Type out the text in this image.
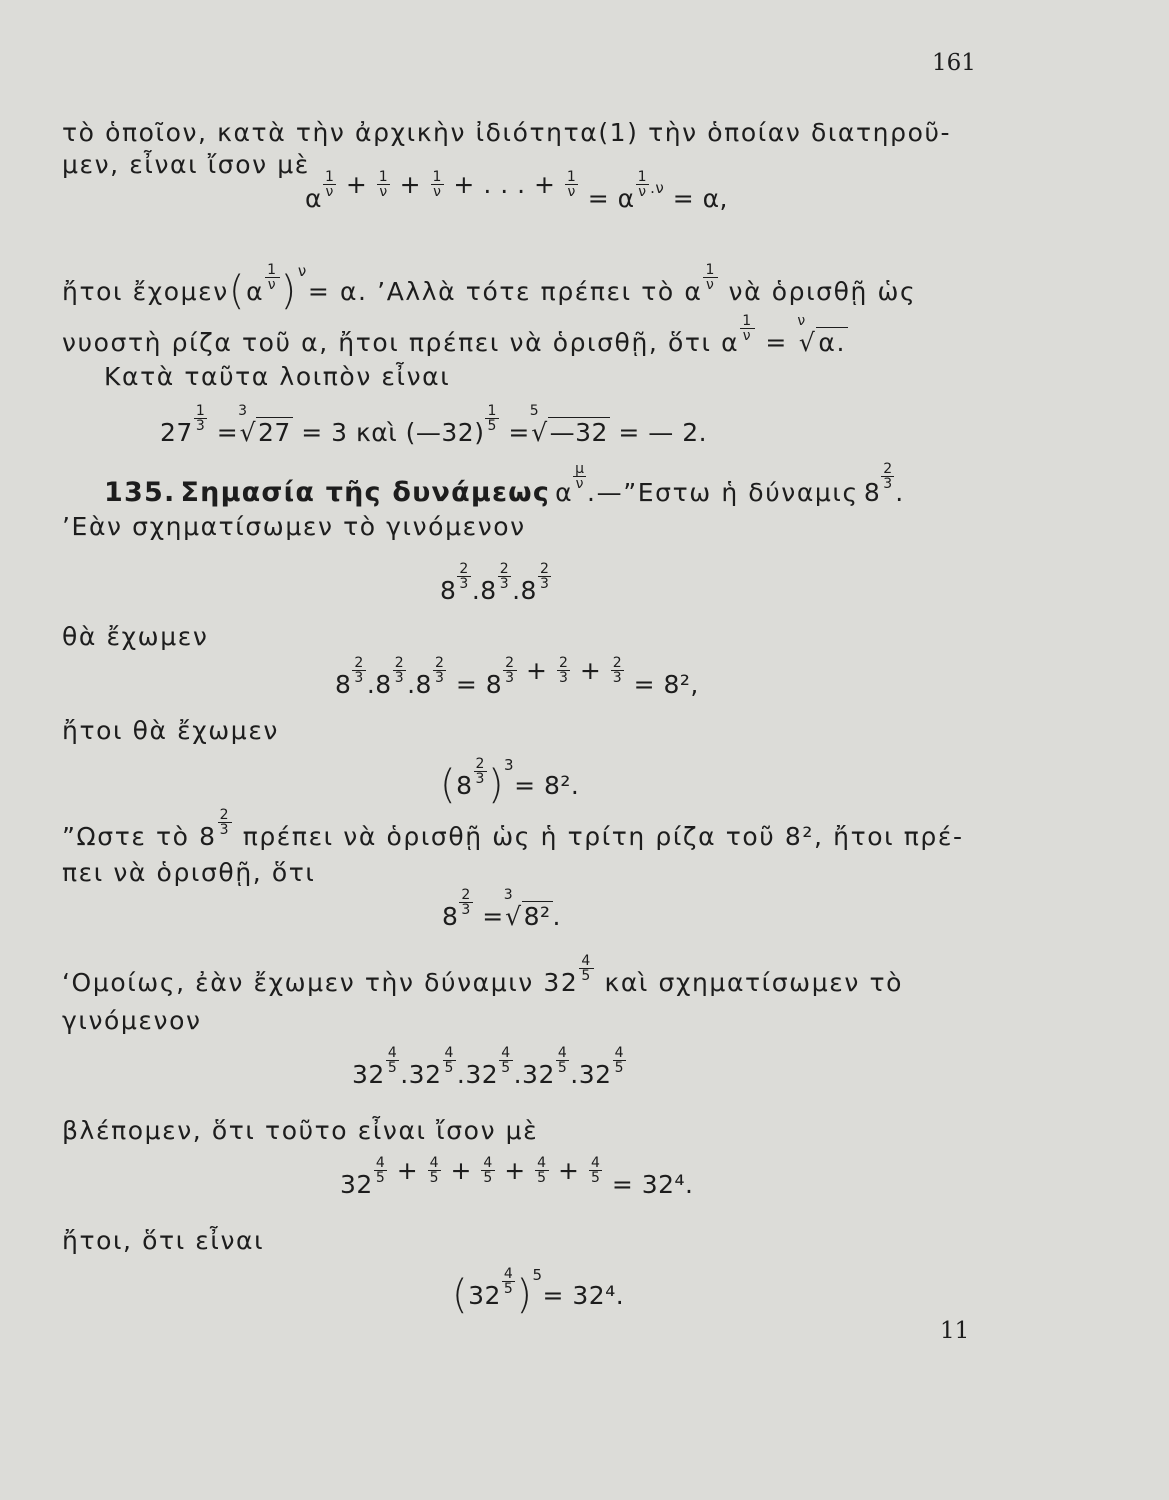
161
τὸ ὁποῖον, κατὰ τὴν ἀρχικὴν ἰδιότητα(1) τὴν ὁποίαν διατηροῦ-
μεν, εἶναι ἴσον μὲ
α $\frac{1}{\nu} + \frac{1}{\nu} + \frac{1}{\nu}$ + . . . + $\frac{1}{\nu} = \alpha \frac{1}{\nu} .\nu = \alpha$,
ἤτοι ἔχομεν(α $\frac{1}{\nu} )^\nu= \alpha$. ’Αλλὰ τότε πρέπει τὸ α $\frac{1}{\nu}$ νὰ ὁρισθῇ ὡς
νυοστὴ ρίζα τοῦ α, ἤτοι πρέπει νὰ ὁρισθῇ, ὅτι α $\frac{1}{\nu} = ^\nu√\alpha$.
Κατὰ ταῦτα λοιπὸν εἶναι
$27 \frac{1}{3} =^3√27 = 3$ καὶ (—32) $\frac{1}{5}$ =$^5$√—32 = — 2.
135. Σημασία τῆς δυνάμεως α
$\frac{\mu}{\nu}$
.—”Εστω ἡ δύναμις 8
$\frac{2}{3}$
.
’Εὰν σχηματίσωμεν τὸ γινόμενον
$8 \frac{2}{3} .8 \frac{2}{3} .8 \frac{2}{3}$
θὰ ἔχωμεν
$8 \frac{2}{3} .8 \frac{2}{3} .8 \frac{2}{3} = 8 \frac{2}{3} + \frac{2}{3} + \frac{2}{3} = 8^2$,
ἤτοι θὰ ἔχωμεν
$(8 \frac{2}{3} )^3= 8^2$.
”Ωστε τὸ $8 \frac{2}{3}$ πρέπει νὰ ὁρισθῇ ὡς ἡ τρίτη ρίζα τοῦ 8², ἤτοι πρέ-
πει νὰ ὁρισθῇ, ὅτι
$8 \frac{2}{3} =^3√8^2$.
‘Ομοίως, ἐὰν ἔχωμεν τὴν δύναμιν $32 \frac{4}{5}$ καὶ σχηματίσωμεν τὸ
γινόμενον
$32 \frac{4}{5} .32 \frac{4}{5} .32 \frac{4}{5} .32 \frac{4}{5} .32 \frac{4}{5}$
βλέπομεν, ὅτι τοῦτο εἶναι ἴσον μὲ
$32 \frac{4}{5} + \frac{4}{5} + \frac{4}{5} + \frac{4}{5} + \frac{4}{5} = 32^4$.
ἤτοι, ὅτι εἶναι
$(32 \frac{4}{5} )^5= 32^4$.
11
